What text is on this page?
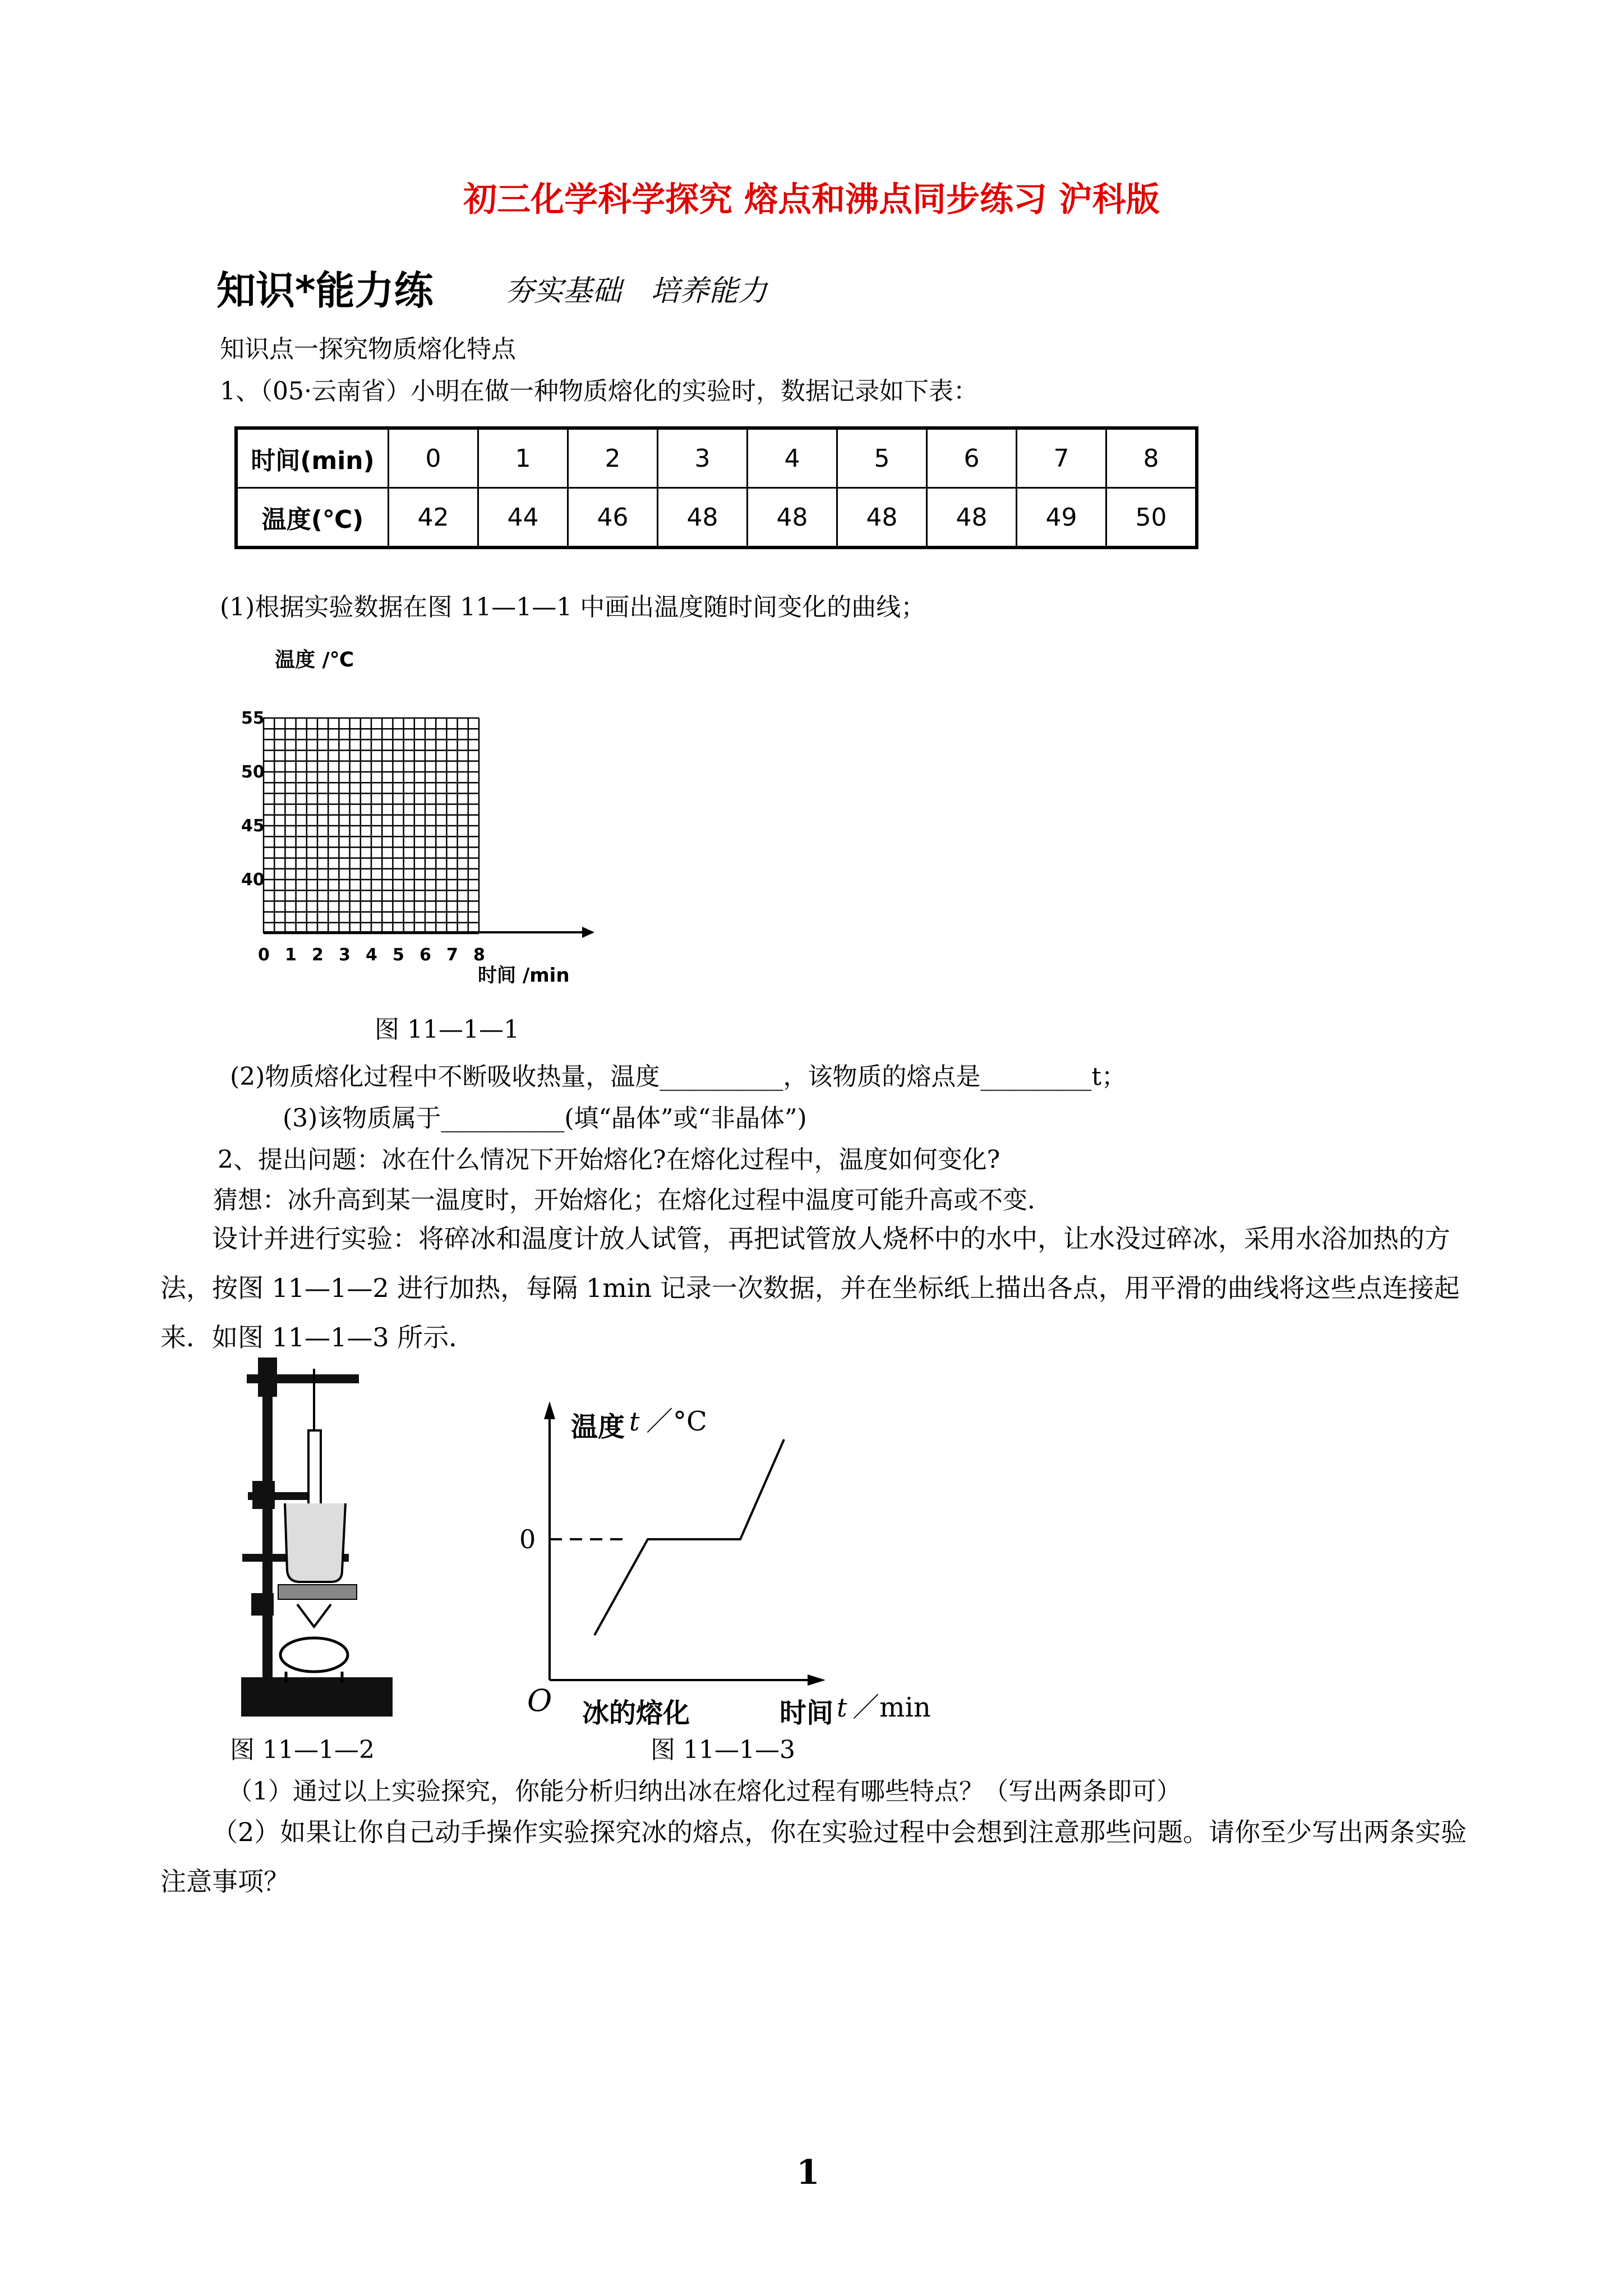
初三化学科学探究 熔点和沸点同步练习 沪科版
知识*能力练 夯实基础　培养能力
知识点一探究物质熔化特点
1、（05·云南省）小明在做一种物质熔化的实验时，数据记录如下表：
时间(min)	0	1	2	3	4	5	6	7	8
温度(℃)	42	44	46	48	48	48	48	49	50
(1)根据实验数据在图 11—1—1 中画出温度随时间变化的曲线；
温度 /℃
55
50
45
40
0 1 2 3 4 5 6 7 8
时间 /min
图 11—1—1
(2)物质熔化过程中不断吸收热量，温度__________，该物质的熔点是_________t；
(3)该物质属于__________(填“晶体”或“非晶体”)
2、提出问题：冰在什么情况下开始熔化?在熔化过程中，温度如何变化?
猜想：冰升高到某一温度时，开始熔化；在熔化过程中温度可能升高或不变．
设计并进行实验：将碎冰和温度计放人试管，再把试管放人烧杯中的水中，让水没过碎冰，采用水浴加热的方法，按图 11—1—2 进行加热，每隔 1min 记录一次数据，并在坐标纸上描出各点，用平滑的曲线将这些点连接起来．如图 11—1—3 所示．
图 11—1—2
温度 t ／°C
0
O 冰的熔化	时间 t ／min
图 11—1—3
（1）通过以上实验探究，你能分析归纳出冰在熔化过程有哪些特点？（写出两条即可）
（2）如果让你自己动手操作实验探究冰的熔点，你在实验过程中会想到注意那些问题。请你至少写出两条实验注意事项？
1
